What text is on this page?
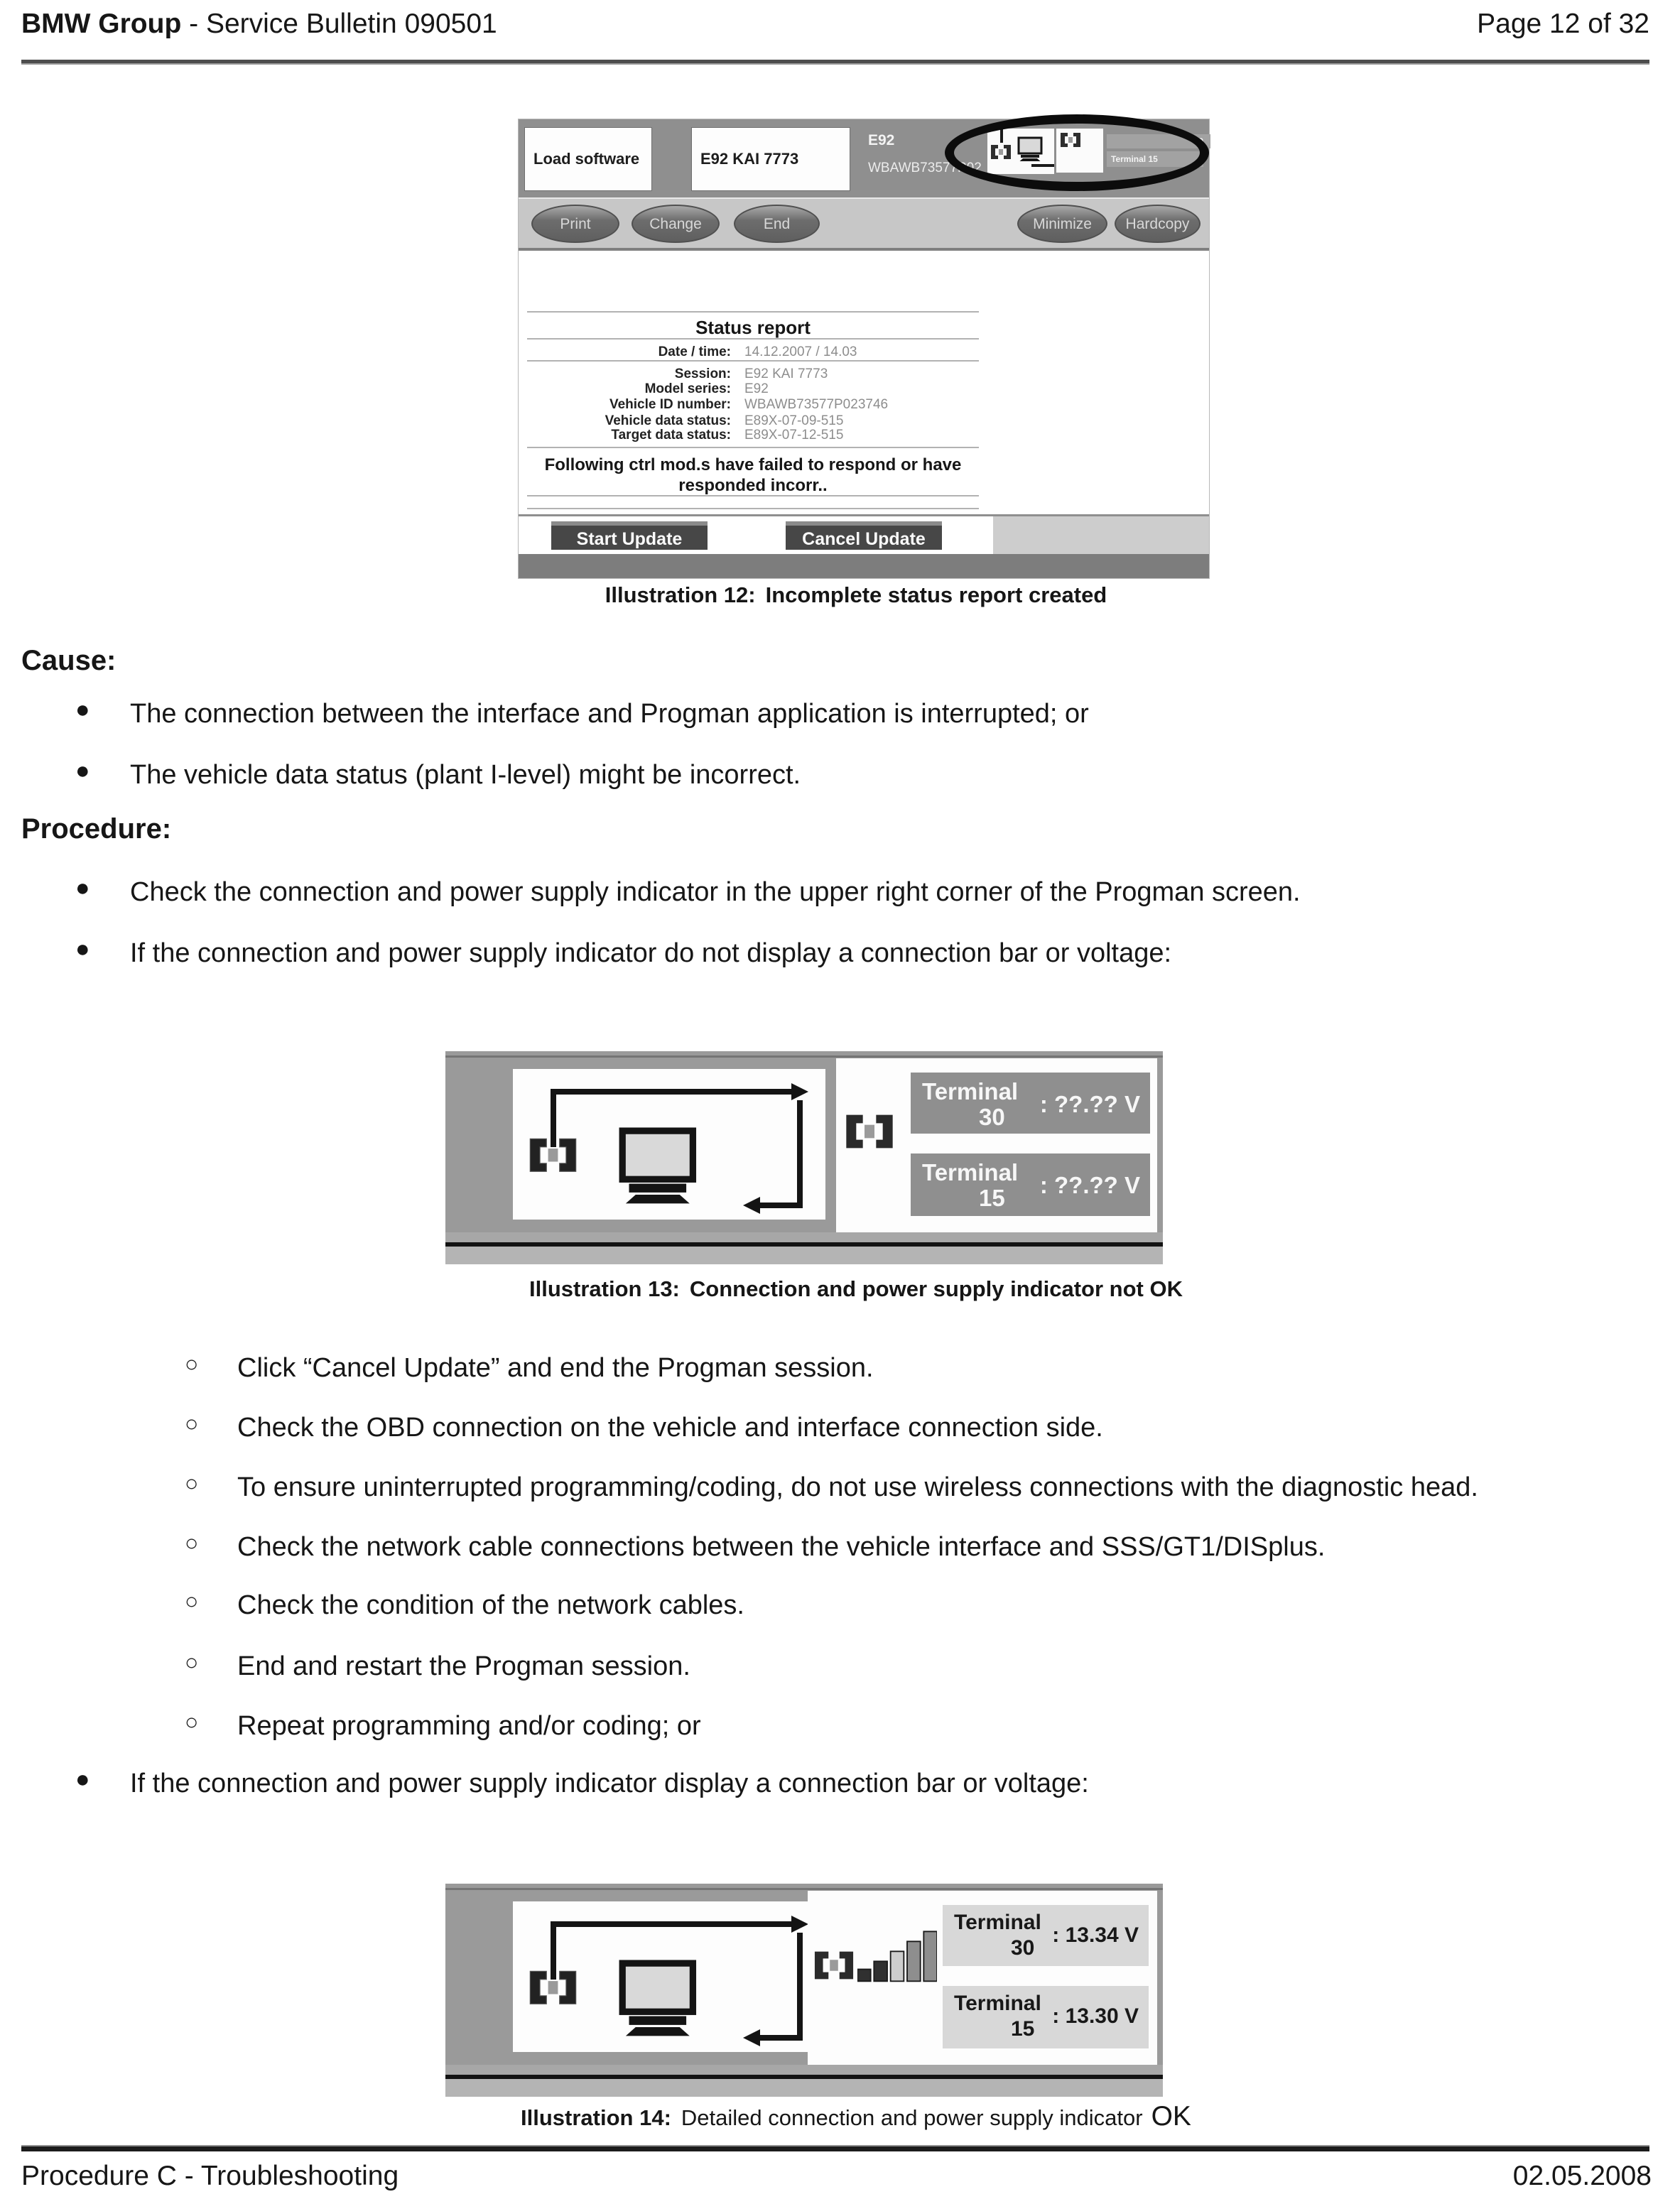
BMW Group - Service Bulletin 090501	Page 12 of 32
Load software	E92 KAI 7773
E92
WBAWB73577P02
30
Terminal 15
Print	Change	End	Minimize	Hardcopy
Status report
Date / time: 14.12.2007 / 14.03
Session: E92 KAI 7773
Model series: E92
Vehicle ID number: WBAWB73577P023746
Vehicle data status: E89X-07-09-515
Target data status: E89X-07-12-515
Following ctrl mod.s have failed to respond or have
responded incorr..
Start Update	Cancel Update
Illustration 12: Incomplete status report created
Cause:
● The connection between the interface and Progman application is interrupted; or
● The vehicle data status (plant I-level) might be incorrect.
Procedure:
● Check the connection and power supply indicator in the upper right corner of the Progman screen.
● If the connection and power supply indicator do not display a connection bar or voltage:
Terminal
30 : ??.?? V
Terminal
15 : ??.?? V
Illustration 13: Connection and power supply indicator not OK
○ Click “Cancel Update” and end the Progman session.
○ Check the OBD connection on the vehicle and interface connection side.
○ To ensure uninterrupted programming/coding, do not use wireless connections with the diagnostic head.
○ Check the network cable connections between the vehicle interface and SSS/GT1/DISplus.
○ Check the condition of the network cables.
○ End and restart the Progman session.
○ Repeat programming and/or coding; or
● If the connection and power supply indicator display a connection bar or voltage:
Terminal
30
: 13.34 V
Terminal
15
: 13.30 V
Illustration 14: Detailed connection and power supply indicator OK
Procedure C - Troubleshooting	02.05.2008
